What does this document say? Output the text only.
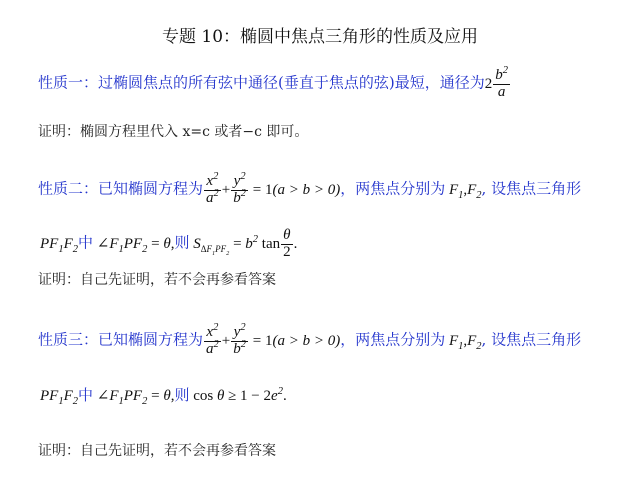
专题 10：椭圆中焦点三角形的性质及应用
性质一：过椭圆焦点的所有弦中通径(垂直于焦点的弦)最短，通径为$2 \frac{b^2}{a}$
证明：椭圆方程里代入 x=c 或者−c 即可。
性质二：已知椭圆方程为 $\frac{x^2}{a^2} + \frac{y^2}{b^2} = 1(a > b > 0)$，两焦点分别为 $F_1,F_2$, 设焦点三角形
$PF_1F_2$中 $\angle F_1PF_2 = \theta$,则 $S_{\Delta F_1PF_2} = b^2$ $\tan \frac{\theta}{2}$ .
证明：自己先证明，若不会再参看答案
性质三：已知椭圆方程为 $\frac{x^2}{a^2} + \frac{y^2}{b^2} = 1(a > b > 0)$，两焦点分别为 $F_1,F_2$, 设焦点三角形
$PF_1F_2$中 $\angle F_1PF_2 = \theta$,则 $\cos \theta \ge 1 - 2e^2$.
证明：自己先证明，若不会再参看答案
